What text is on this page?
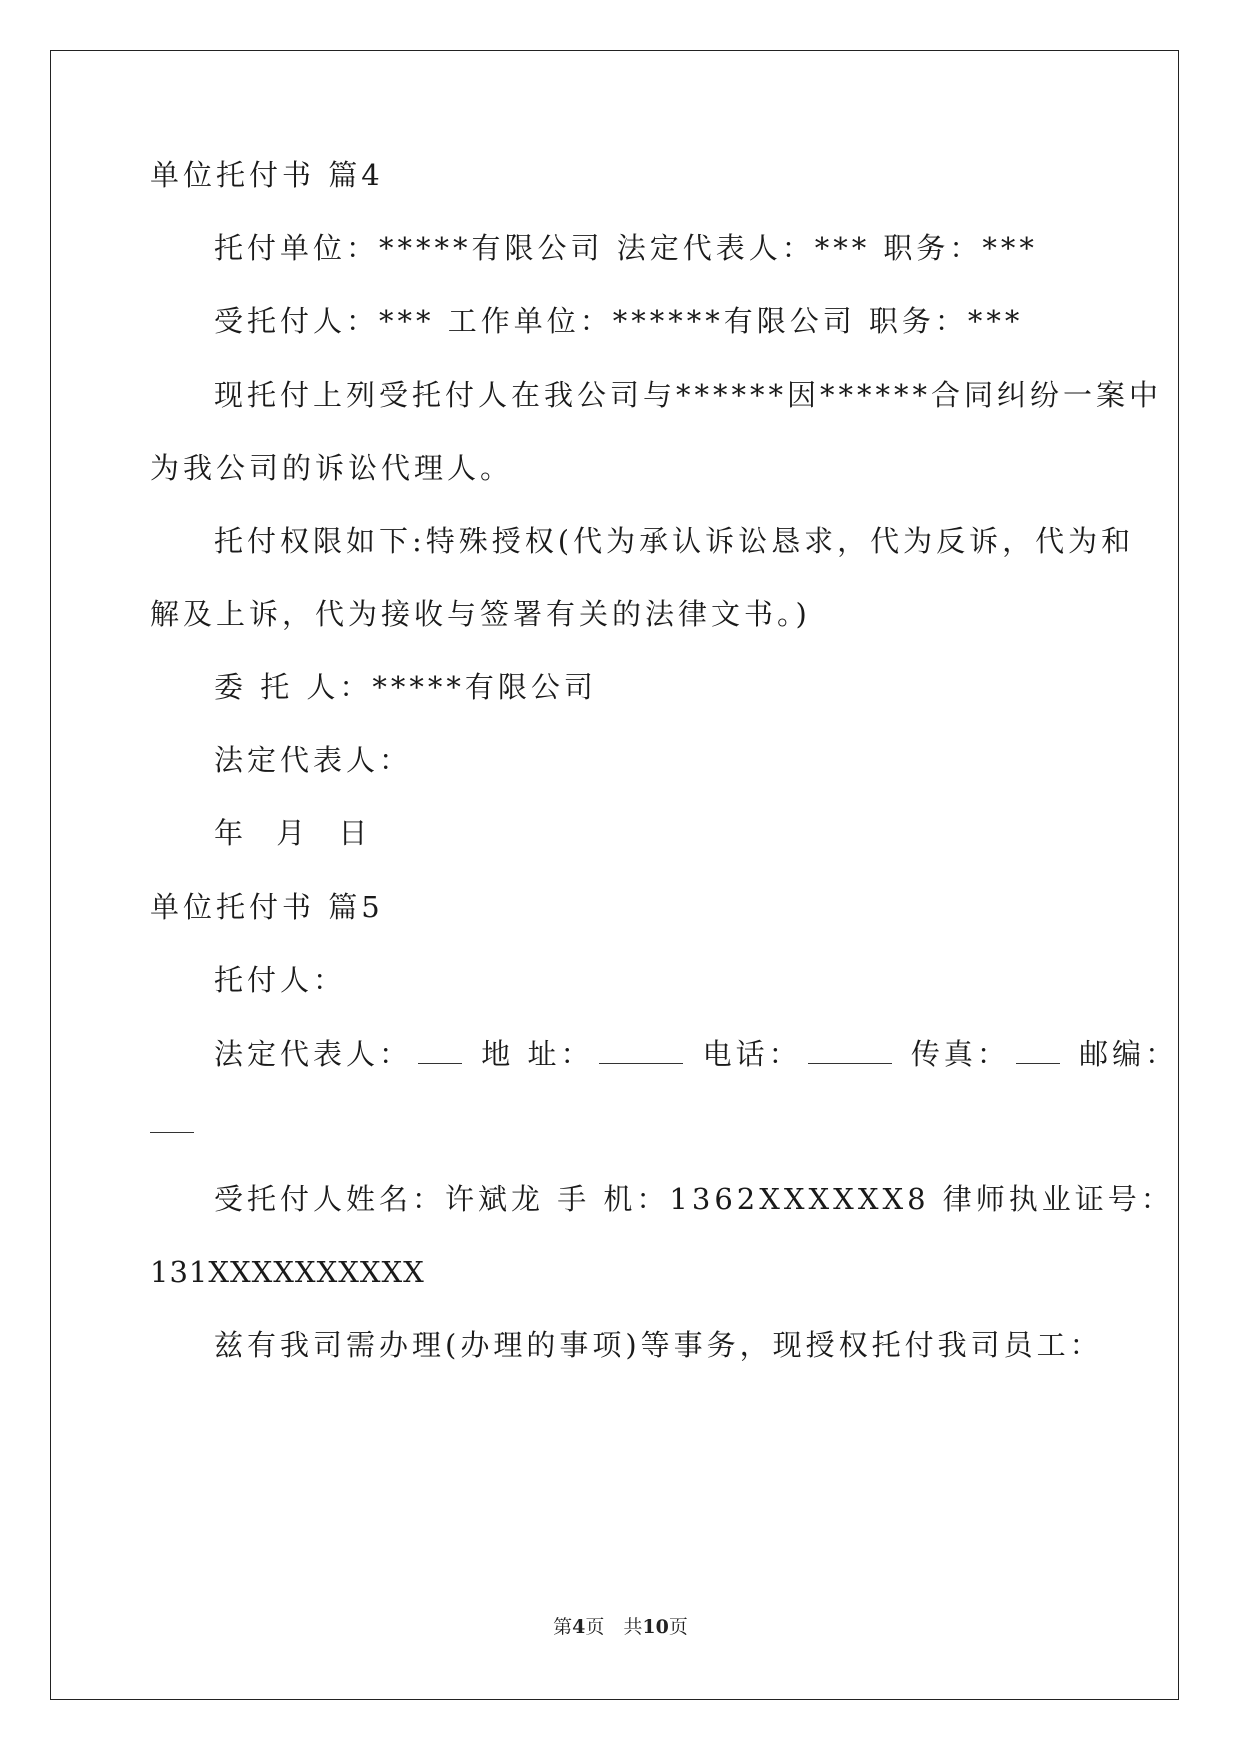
单位托付书 篇4
托付单位：*****有限公司 法定代表人：*** 职务：***
受托付人：*** 工作单位：******有限公司 职务：***
现托付上列受托付人在我公司与******因******合同纠纷一案中
为我公司的诉讼代理人。
托付权限如下:特殊授权(代为承认诉讼恳求，代为反诉，代为和
解及上诉，代为接收与签署有关的法律文书。)
委 托 人：*****有限公司
法定代表人：
年 月 日
单位托付书 篇5
托付人：
法定代表人： 地 址：	电话：	传真： 邮编：
受托付人姓名：许斌龙 手 机：1362XXXXXX8 律师执业证号：
131XXXXXXXXXX
兹有我司需办理(办理的事项)等事务，现授权托付我司员工：
第4页　共10页
